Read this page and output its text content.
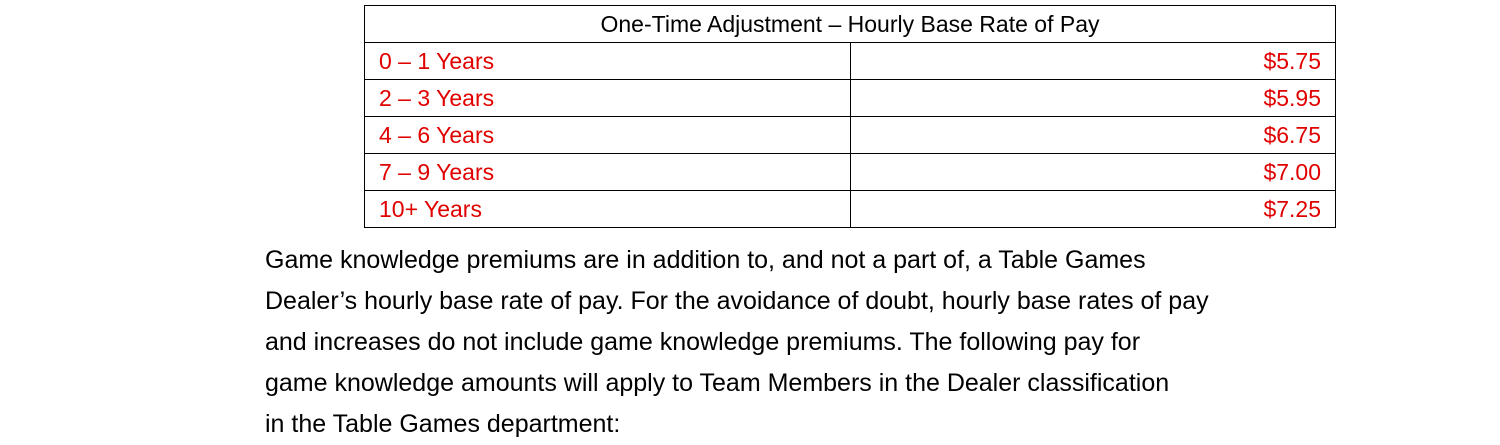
One-Time Adjustment – Hourly Base Rate of Pay	
0 – 1 Years	$5.75
2 – 3 Years	$5.95
4 – 6 Years	$6.75
7 – 9 Years	$7.00
10+ Years	$7.25

Game knowledge premiums are in addition to, and not a part of, a Table Games
Dealer’s hourly base rate of pay. For the avoidance of doubt, hourly base rates of pay
and increases do not include game knowledge premiums. The following pay for
game knowledge amounts will apply to Team Members in the Dealer classification
in the Table Games department:
